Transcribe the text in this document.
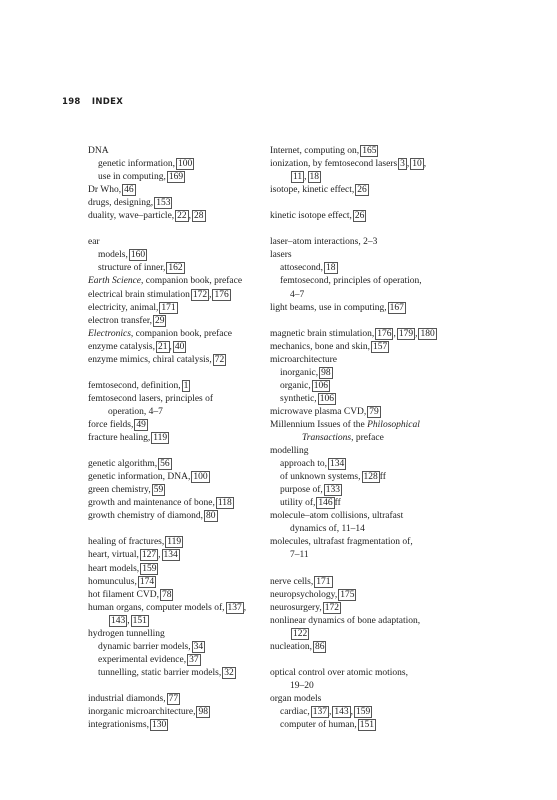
198 INDEX
DNA
genetic information, 100
use in computing, 169
Dr Who, 46
drugs, designing, 153
duality, wave–particle, 22 , 28
ear
models, 160
structure of inner, 162
Earth Science, companion book, preface
electrical brain stimulation 172 , 176
electricity, animal, 171
electron transfer, 29
Electronics, companion book, preface
enzyme catalysis, 21 , 40
enzyme mimics, chiral catalysis, 72
femtosecond, definition, 1
femtosecond lasers, principles of
operation, 4–7
force fields, 49
fracture healing, 119
genetic algorithm, 56
genetic information, DNA, 100
green chemistry, 59
growth and maintenance of bone, 118
growth chemistry of diamond, 80
healing of fractures, 119
heart, virtual, 127 , 134
heart models, 159
homunculus, 174
hot filament CVD, 78
human organs, computer models of, 137 ,
143 , 151
hydrogen tunnelling
dynamic barrier models, 34
experimental evidence, 37
tunnelling, static barrier models, 32
industrial diamonds, 77
inorganic microarchitecture, 98
integrationisms, 130
Internet, computing on, 165
ionization, by femtosecond lasers 3 , 10 ,
11 , 18
isotope, kinetic effect, 26
kinetic isotope effect, 26
laser–atom interactions, 2–3
lasers
attosecond, 18
femtosecond, principles of operation,
4–7
light beams, use in computing, 167
magnetic brain stimulation, 176 , 179 , 180
mechanics, bone and skin, 157
microarchitecture
inorganic, 98
organic, 106
synthetic, 106
microwave plasma CVD, 79
Millennium Issues of the Philosophical
Transactions, preface
modelling
approach to, 134
of unknown systems, 128 ff
purpose of, 133
utility of, 146 ff
molecule–atom collisions, ultrafast
dynamics of, 11–14
molecules, ultrafast fragmentation of,
7–11
nerve cells, 171
neuropsychology, 175
neurosurgery, 172
nonlinear dynamics of bone adaptation,
122
nucleation, 86
optical control over atomic motions,
19–20
organ models
cardiac, 137 , 143 , 159
computer of human, 151
